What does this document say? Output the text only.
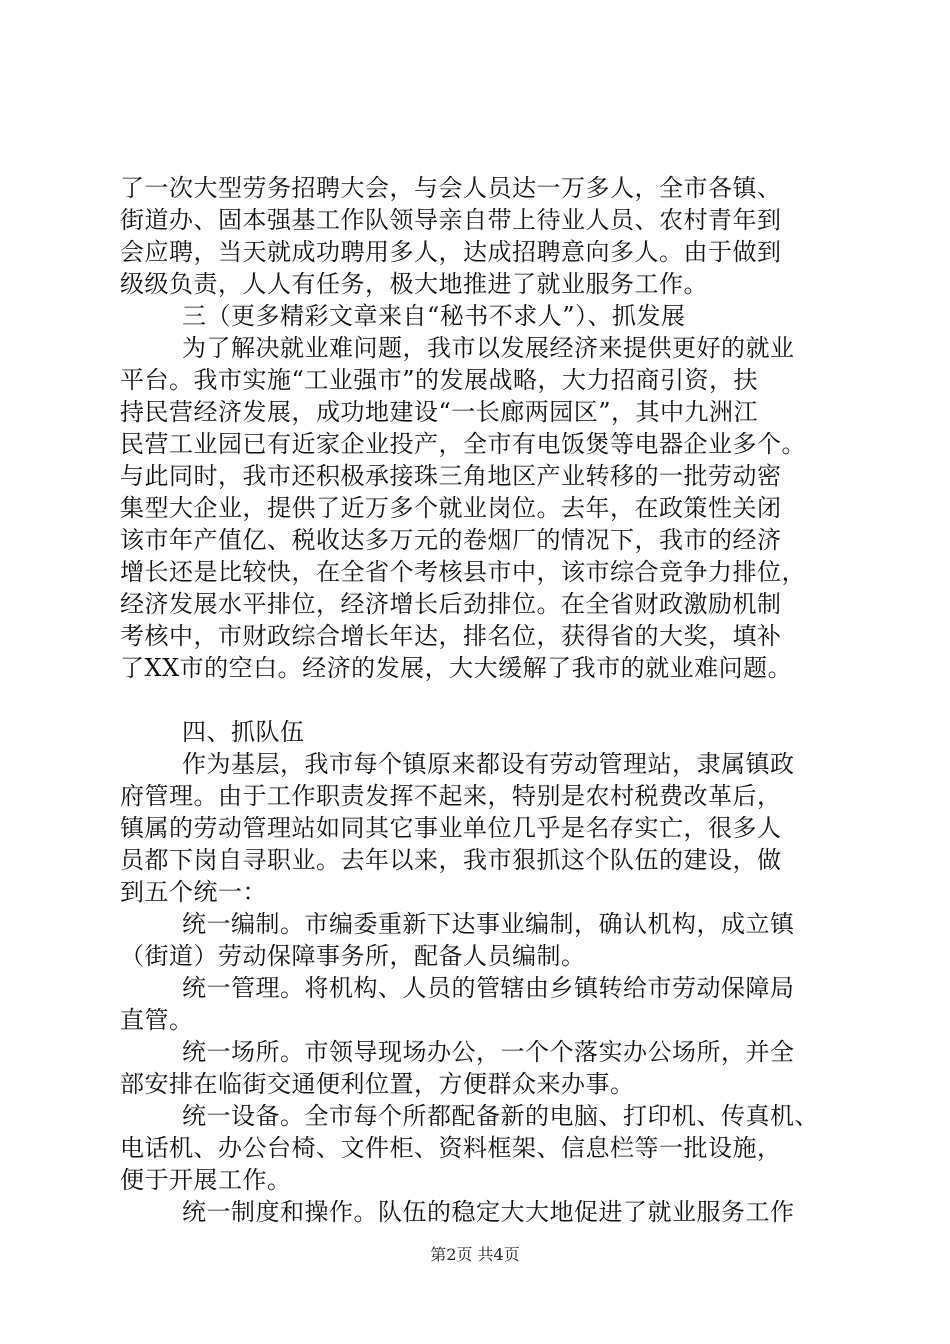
了一次大型劳务招聘大会，与会人员达一万多人，全市各镇、
街道办、固本强基工作队领导亲自带上待业人员、农村青年到
会应聘，当天就成功聘用多人，达成招聘意向多人。由于做到
级级负责，人人有任务，极大地推进了就业服务工作。
三（更多精彩文章来自“秘书不求人”）、抓发展
为了解决就业难问题，我市以发展经济来提供更好的就业
平台。我市实施“工业强市”的发展战略，大力招商引资，扶
持民营经济发展，成功地建设“一长廊两园区”，其中九洲江
民营工业园已有近家企业投产，全市有电饭煲等电器企业多个。
与此同时，我市还积极承接珠三角地区产业转移的一批劳动密
集型大企业，提供了近万多个就业岗位。去年，在政策性关闭
该市年产值亿、税收达多万元的卷烟厂的情况下，我市的经济
增长还是比较快，在全省个考核县市中，该市综合竞争力排位，
经济发展水平排位，经济增长后劲排位。在全省财政激励机制
考核中，市财政综合增长年达，排名位，获得省的大奖，填补
了XX市的空白。经济的发展，大大缓解了我市的就业难问题。
四、抓队伍
作为基层，我市每个镇原来都设有劳动管理站，隶属镇政
府管理。由于工作职责发挥不起来，特别是农村税费改革后，
镇属的劳动管理站如同其它事业单位几乎是名存实亡，很多人
员都下岗自寻职业。去年以来，我市狠抓这个队伍的建设，做
到五个统一：
统一编制。市编委重新下达事业编制，确认机构，成立镇
（街道）劳动保障事务所，配备人员编制。
统一管理。将机构、人员的管辖由乡镇转给市劳动保障局
直管。
统一场所。市领导现场办公，一个个落实办公场所，并全
部安排在临街交通便利位置，方便群众来办事。
统一设备。全市每个所都配备新的电脑、打印机、传真机、
电话机、办公台椅、文件柜、资料框架、信息栏等一批设施，
便于开展工作。
统一制度和操作。队伍的稳定大大地促进了就业服务工作
第2页 共4页
